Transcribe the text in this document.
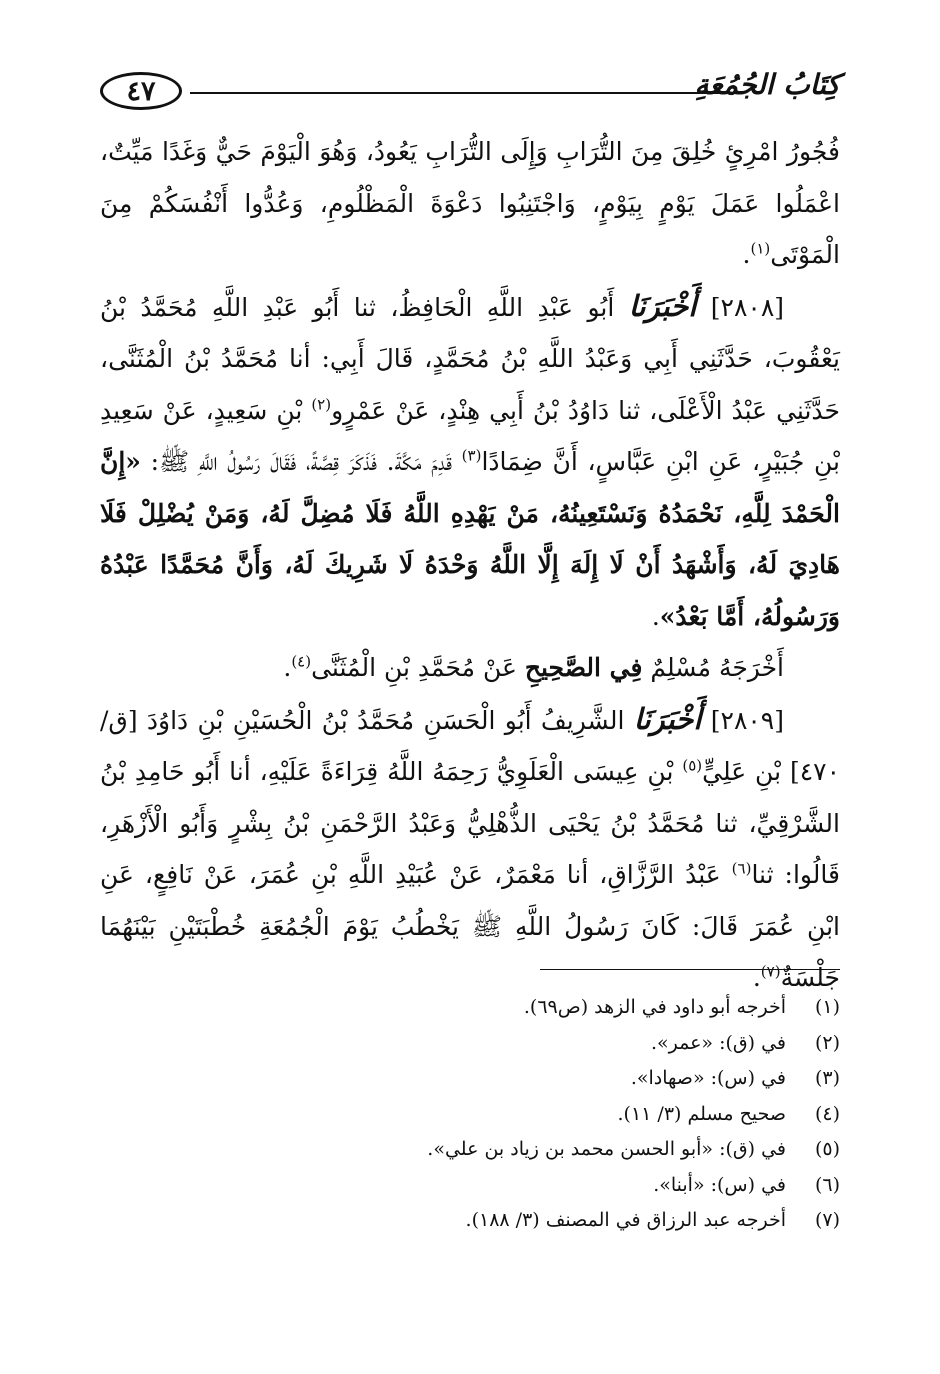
٤٧	كِتَابُ الجُمُعَةِ

فُجُورُ امْرِئٍ خُلِقَ مِنَ التُّرَابِ وَإِلَى التُّرَابِ يَعُودُ، وَهُوَ الْيَوْمَ حَيٌّ وَغَدًا مَيِّتٌ، اعْمَلُوا عَمَلَ يَوْمٍ بِيَوْمٍ، وَاجْتَنِبُوا دَعْوَةَ الْمَظْلُومِ، وَعُدُّوا أَنْفُسَكُمْ مِنَ الْمَوْتَى$^{(١)}$.

[٢٨٠٨] أَخْبَرَنَا أَبُو عَبْدِ اللَّهِ الْحَافِظُ، ثنا أَبُو عَبْدِ اللَّهِ مُحَمَّدُ بْنُ يَعْقُوبَ، حَدَّثَنِي أَبِي وَعَبْدُ اللَّهِ بْنُ مُحَمَّدٍ، قَالَ أَبِي: أنا مُحَمَّدُ بْنُ الْمُثَنَّى، حَدَّثَنِي عَبْدُ الْأَعْلَى، ثنا دَاوُدُ بْنُ أَبِي هِنْدٍ، عَنْ عَمْرٍو$^{(٢)}$ بْنِ سَعِيدٍ، عَنْ سَعِيدِ بْنِ جُبَيْرٍ، عَنِ ابْنِ عَبَّاسٍ، أَنَّ ضِمَادًا$^{(٣)}$ قَدِمَ مَكَّةَ. فَذَكَرَ قِصَّةً، فَقَالَ رَسُولُ اللَّهِ ﷺ: «إِنَّ الْحَمْدَ لِلَّهِ، نَحْمَدُهُ وَنَسْتَعِينُهُ، مَنْ يَهْدِهِ اللَّهُ فَلَا مُضِلَّ لَهُ، وَمَنْ يُضْلِلْ فَلَا هَادِيَ لَهُ، وَأَشْهَدُ أَنْ لَا إِلَهَ إِلَّا اللَّهُ وَحْدَهُ لَا شَرِيكَ لَهُ، وَأَنَّ مُحَمَّدًا عَبْدُهُ وَرَسُولُهُ، أَمَّا بَعْدُ».

أَخْرَجَهُ مُسْلِمٌ فِي الصَّحِيحِ عَنْ مُحَمَّدِ بْنِ الْمُثَنَّى$^{(٤)}$.

[٢٨٠٩] أَخْبَرَنَا الشَّرِيفُ أَبُو الْحَسَنِ مُحَمَّدُ بْنُ الْحُسَيْنِ بْنِ دَاوُدَ [ق/ ٤٧٠] بْنِ عَلِيٍّ$^{(٥)}$ بْنِ عِيسَى الْعَلَوِيُّ رَحِمَهُ اللَّهُ قِرَاءَةً عَلَيْهِ، أنا أَبُو حَامِدِ بْنُ الشَّرْقِيِّ، ثنا مُحَمَّدُ بْنُ يَحْيَى الذُّهْلِيُّ وَعَبْدُ الرَّحْمَنِ بْنُ بِشْرٍ وَأَبُو الْأَزْهَرِ، قَالُوا: ثنا$^{(٦)}$ عَبْدُ الرَّزَّاقِ، أنا مَعْمَرٌ، عَنْ عُبَيْدِ اللَّهِ بْنِ عُمَرَ، عَنْ نَافِعٍ، عَنِ ابْنِ عُمَرَ قَالَ: كَانَ رَسُولُ اللَّهِ ﷺ يَخْطُبُ يَوْمَ الْجُمُعَةِ خُطْبَتَيْنِ بَيْنَهُمَا جَلْسَةٌ$^{(٧)}$.

(١)
أخرجه أبو داود في الزهد (ص٦٩).
(٢)
في (ق): «عمر».
(٣)
في (س): «صهادا».
(٤)
صحيح مسلم (٣/ ١١).
(٥)
في (ق): «أبو الحسن محمد بن زياد بن علي».
(٦)
في (س): «أبنا».
(٧)
أخرجه عبد الرزاق في المصنف (٣/ ١٨٨).
